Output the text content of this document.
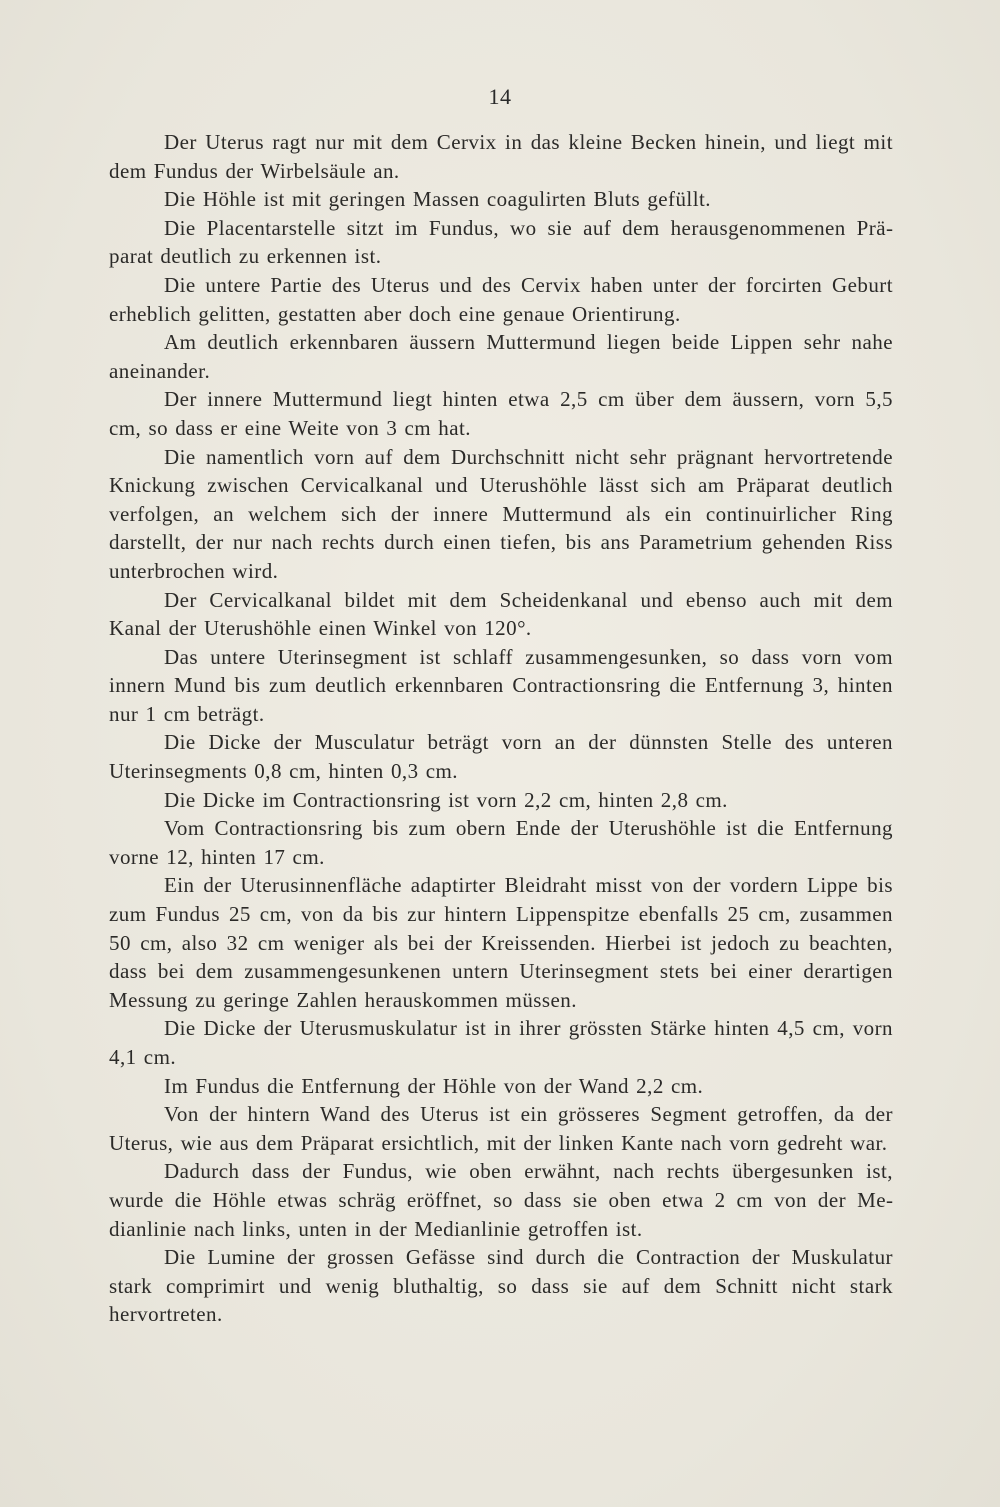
14

Der Uterus ragt nur mit dem Cervix in das kleine Becken hinein, und liegt mit dem Fundus der Wirbelsäule an.

Die Höhle ist mit geringen Massen coagulirten Bluts gefüllt.

Die Placentarstelle sitzt im Fundus, wo sie auf dem herausgenommenen Präparat deutlich zu erkennen ist.

Die untere Partie des Uterus und des Cervix haben unter der forcirten Geburt erheblich gelitten, gestatten aber doch eine genaue Orientirung.

Am deutlich erkennbaren äussern Muttermund liegen beide Lippen sehr nahe aneinander.

Der innere Muttermund liegt hinten etwa 2,5 cm über dem äussern, vorn 5,5 cm, so dass er eine Weite von 3 cm hat.

Die namentlich vorn auf dem Durchschnitt nicht sehr prägnant hervortretende Knickung zwischen Cervicalkanal und Uterushöhle lässt sich am Präparat deutlich verfolgen, an welchem sich der innere Muttermund als ein continuirlicher Ring darstellt, der nur nach rechts durch einen tiefen, bis ans Parametrium gehenden Riss unterbrochen wird.

Der Cervicalkanal bildet mit dem Scheidenkanal und ebenso auch mit dem Kanal der Uterushöhle einen Winkel von 120°.

Das untere Uterinsegment ist schlaff zusammengesunken, so dass vorn vom innern Mund bis zum deutlich erkennbaren Contractionsring die Entfernung 3, hinten nur 1 cm beträgt.

Die Dicke der Musculatur beträgt vorn an der dünnsten Stelle des unteren Uterinsegments 0,8 cm, hinten 0,3 cm.

Die Dicke im Contractionsring ist vorn 2,2 cm, hinten 2,8 cm.

Vom Contractionsring bis zum obern Ende der Uterushöhle ist die Entfernung vorne 12, hinten 17 cm.

Ein der Uterusinnenfläche adaptirter Bleidraht misst von der vordern Lippe bis zum Fundus 25 cm, von da bis zur hintern Lippenspitze ebenfalls 25 cm, zusammen 50 cm, also 32 cm weniger als bei der Kreissenden. Hierbei ist jedoch zu beachten, dass bei dem zusammengesunkenen untern Uterinsegment stets bei einer derartigen Messung zu geringe Zahlen herauskommen müssen.

Die Dicke der Uterusmuskulatur ist in ihrer grössten Stärke hinten 4,5 cm, vorn 4,1 cm.

Im Fundus die Entfernung der Höhle von der Wand 2,2 cm.

Von der hintern Wand des Uterus ist ein grösseres Segment getroffen, da der Uterus, wie aus dem Präparat ersichtlich, mit der linken Kante nach vorn gedreht war.

Dadurch dass der Fundus, wie oben erwähnt, nach rechts übergesunken ist, wurde die Höhle etwas schräg eröffnet, so dass sie oben etwa 2 cm von der Medianlinie nach links, unten in der Medianlinie getroffen ist.

Die Lumine der grossen Gefässe sind durch die Contraction der Muskulatur stark comprimirt und wenig bluthaltig, so dass sie auf dem Schnitt nicht stark hervortreten.
